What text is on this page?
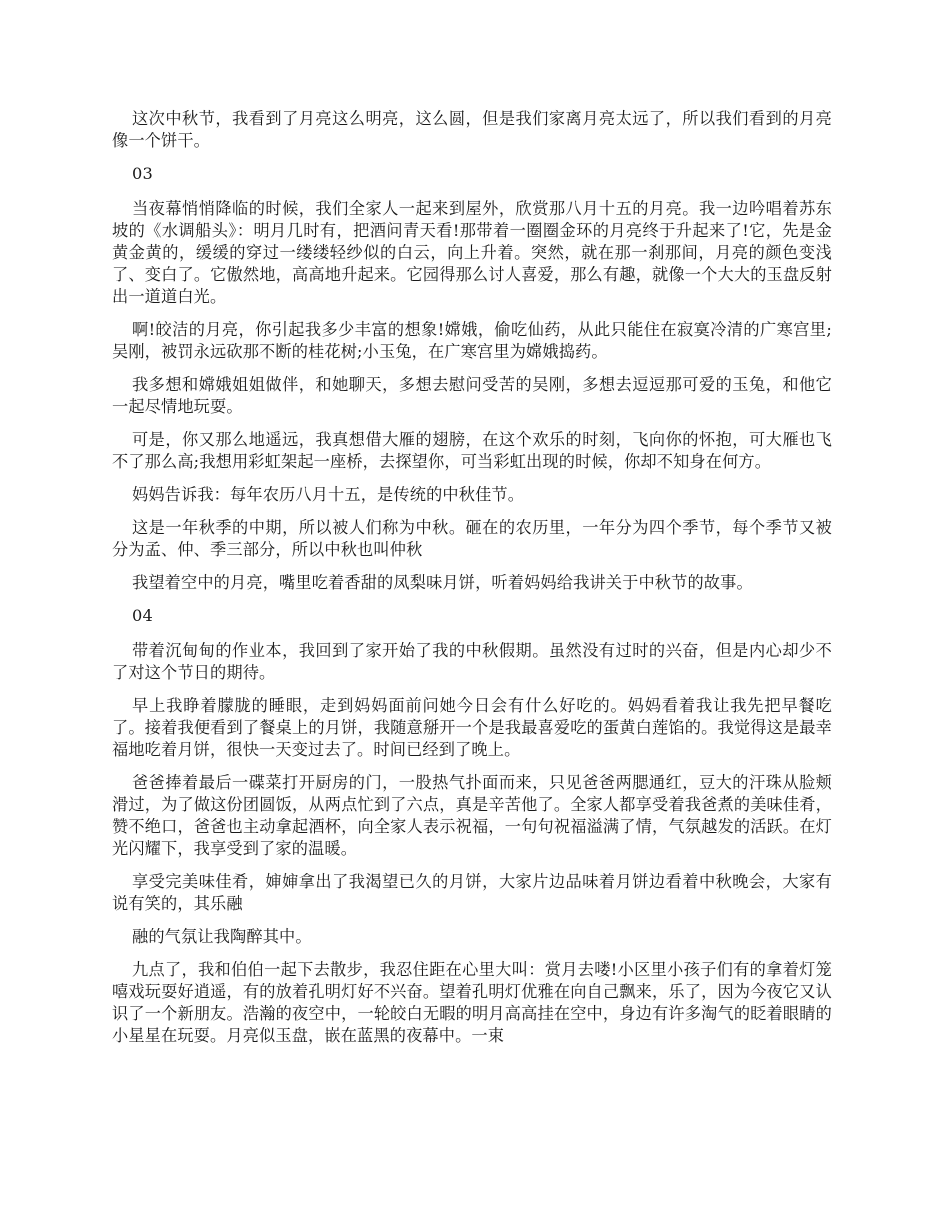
这次中秋节，我看到了月亮这么明亮，这么圆，但是我们家离月亮太远了，所以我们看到的月亮像一个饼干。

03

当夜幕悄悄降临的时候，我们全家人一起来到屋外，欣赏那八月十五的月亮。我一边吟唱着苏东坡的《水调船头》：明月几时有，把酒问青天看!那带着一圈圈金环的月亮终于升起来了!它，先是金黄金黄的，缓缓的穿过一缕缕轻纱似的白云，向上升着。突然，就在那一刹那间，月亮的颜色变浅了、变白了。它傲然地，高高地升起来。它园得那么讨人喜爱，那么有趣，就像一个大大的玉盘反射出一道道白光。

啊!皎洁的月亮，你引起我多少丰富的想象!嫦娥，偷吃仙药，从此只能住在寂寞冷清的广寒宫里;吴刚，被罚永远砍那不断的桂花树;小玉兔，在广寒宫里为嫦娥捣药。

我多想和嫦娥姐姐做伴，和她聊天，多想去慰问受苦的吴刚，多想去逗逗那可爱的玉兔，和他它一起尽情地玩耍。

可是，你又那么地遥远，我真想借大雁的翅膀，在这个欢乐的时刻，飞向你的怀抱，可大雁也飞不了那么高;我想用彩虹架起一座桥，去探望你，可当彩虹出现的时候，你却不知身在何方。

妈妈告诉我：每年农历八月十五，是传统的中秋佳节。

这是一年秋季的中期，所以被人们称为中秋。砸在的农历里，一年分为四个季节，每个季节又被分为孟、仲、季三部分，所以中秋也叫仲秋

我望着空中的月亮，嘴里吃着香甜的凤梨味月饼，听着妈妈给我讲关于中秋节的故事。

04

带着沉甸甸的作业本，我回到了家开始了我的中秋假期。虽然没有过时的兴奋，但是内心却少不了对这个节日的期待。

早上我睁着朦胧的睡眼，走到妈妈面前问她今日会有什么好吃的。妈妈看着我让我先把早餐吃了。接着我便看到了餐桌上的月饼，我随意掰开一个是我最喜爱吃的蛋黄白莲馅的。我觉得这是最幸福地吃着月饼，很快一天变过去了。时间已经到了晚上。

爸爸捧着最后一碟菜打开厨房的门，一股热气扑面而来，只见爸爸两腮通红，豆大的汗珠从脸颊滑过，为了做这份团圆饭，从两点忙到了六点，真是辛苦他了。全家人都享受着我爸煮的美味佳肴，赞不绝口，爸爸也主动拿起酒杯，向全家人表示祝福，一句句祝福溢满了情，气氛越发的活跃。在灯光闪耀下，我享受到了家的温暖。

享受完美味佳肴，婶婶拿出了我渴望已久的月饼，大家片边品味着月饼边看着中秋晚会，大家有说有笑的，其乐融

融的气氛让我陶醉其中。

九点了，我和伯伯一起下去散步，我忍住距在心里大叫：赏月去喽!小区里小孩子们有的拿着灯笼嘻戏玩耍好逍遥，有的放着孔明灯好不兴奋。望着孔明灯优雅在向自己飘来，乐了，因为今夜它又认识了一个新朋友。浩瀚的夜空中，一轮皎白无暇的明月高高挂在空中，身边有许多淘气的眨着眼睛的小星星在玩耍。月亮似玉盘，嵌在蓝黑的夜幕中。一束
